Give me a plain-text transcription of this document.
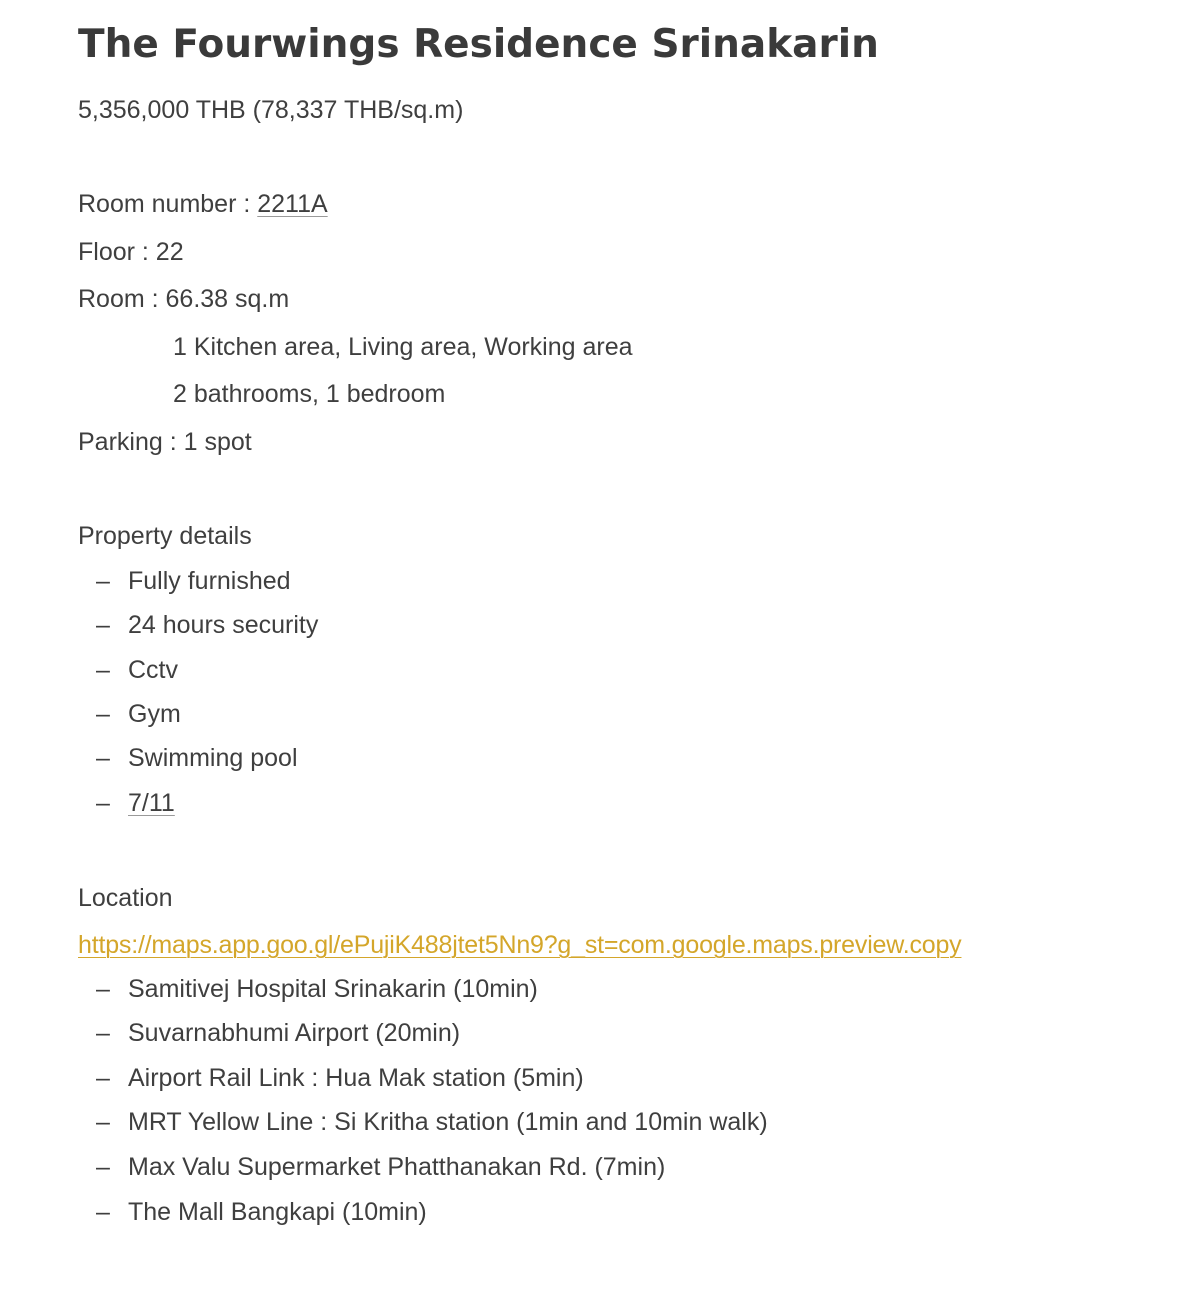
The Fourwings Residence Srinakarin
5,356,000 THB (78,337 THB/sq.m)
Room number : 2211A
Floor : 22
Room : 66.38 sq.m
1 Kitchen area, Living area, Working area
2 bathrooms, 1 bedroom
Parking : 1 spot
Property details
– Fully furnished
– 24 hours security
– Cctv
– Gym
– Swimming pool
– 7/11
Location
https://maps.app.goo.gl/ePujiK488jtet5Nn9?g_st=com.google.maps.preview.copy
– Samitivej Hospital Srinakarin (10min)
– Suvarnabhumi Airport (20min)
– Airport Rail Link : Hua Mak station (5min)
– MRT Yellow Line : Si Kritha station (1min and 10min walk)
– Max Valu Supermarket Phatthanakan Rd. (7min)
– The Mall Bangkapi (10min)
